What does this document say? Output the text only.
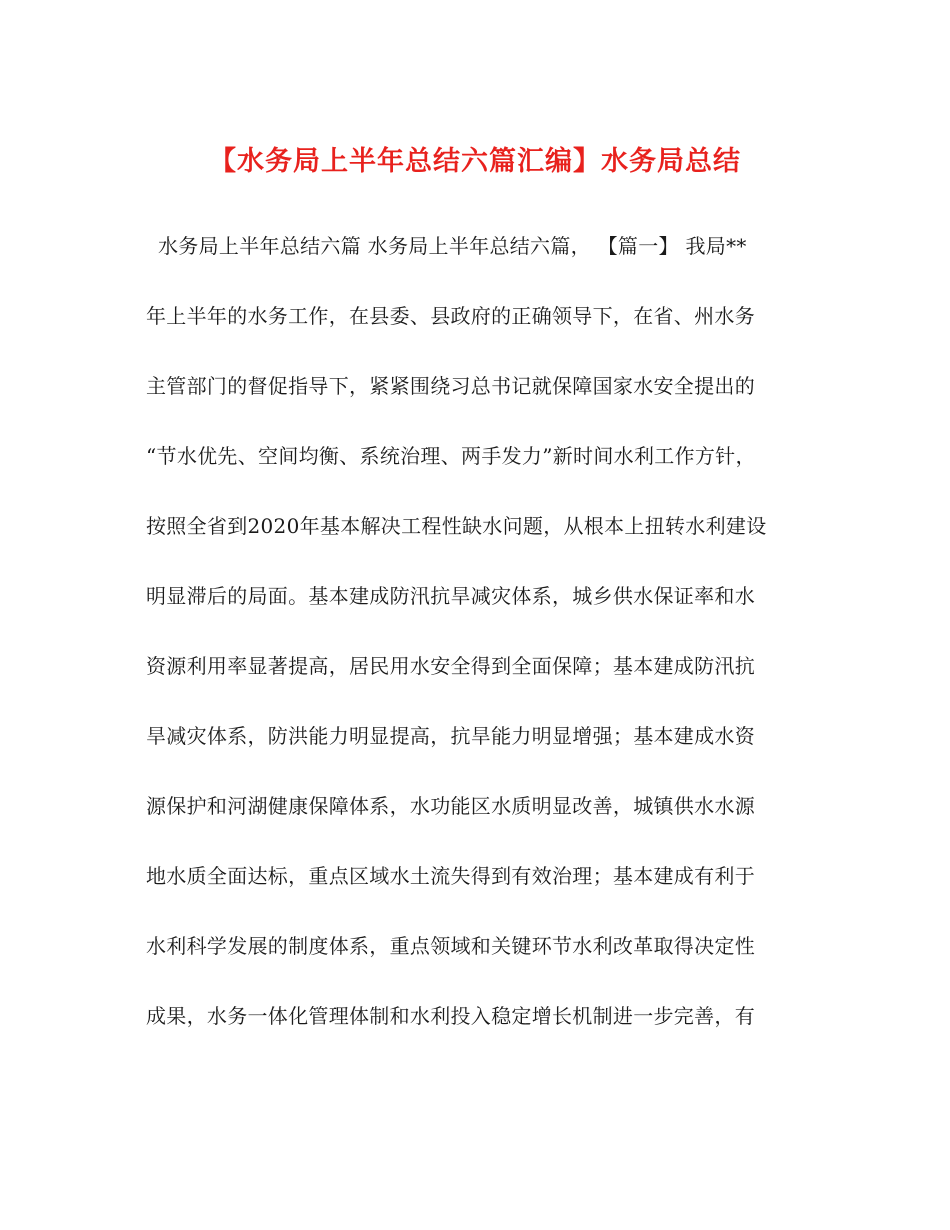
【水务局上半年总结六篇汇编】水务局总结
水务局上半年总结六篇 水务局上半年总结六篇， 【篇一】 我局**
年上半年的水务工作，在县委、县政府的正确领导下，在省、州水务
主管部门的督促指导下，紧紧围绕习总书记就保障国家水安全提出的
“节水优先、空间均衡、系统治理、两手发力”新时间水利工作方针，
按照全省到2020年基本解决工程性缺水问题，从根本上扭转水利建设
明显滞后的局面。基本建成防汛抗旱减灾体系，城乡供水保证率和水
资源利用率显著提高，居民用水安全得到全面保障；基本建成防汛抗
旱减灾体系，防洪能力明显提高，抗旱能力明显增强；基本建成水资
源保护和河湖健康保障体系，水功能区水质明显改善，城镇供水水源
地水质全面达标，重点区域水土流失得到有效治理；基本建成有利于
水利科学发展的制度体系，重点领域和关键环节水利改革取得决定性
成果，水务一体化管理体制和水利投入稳定增长机制进一步完善，有
